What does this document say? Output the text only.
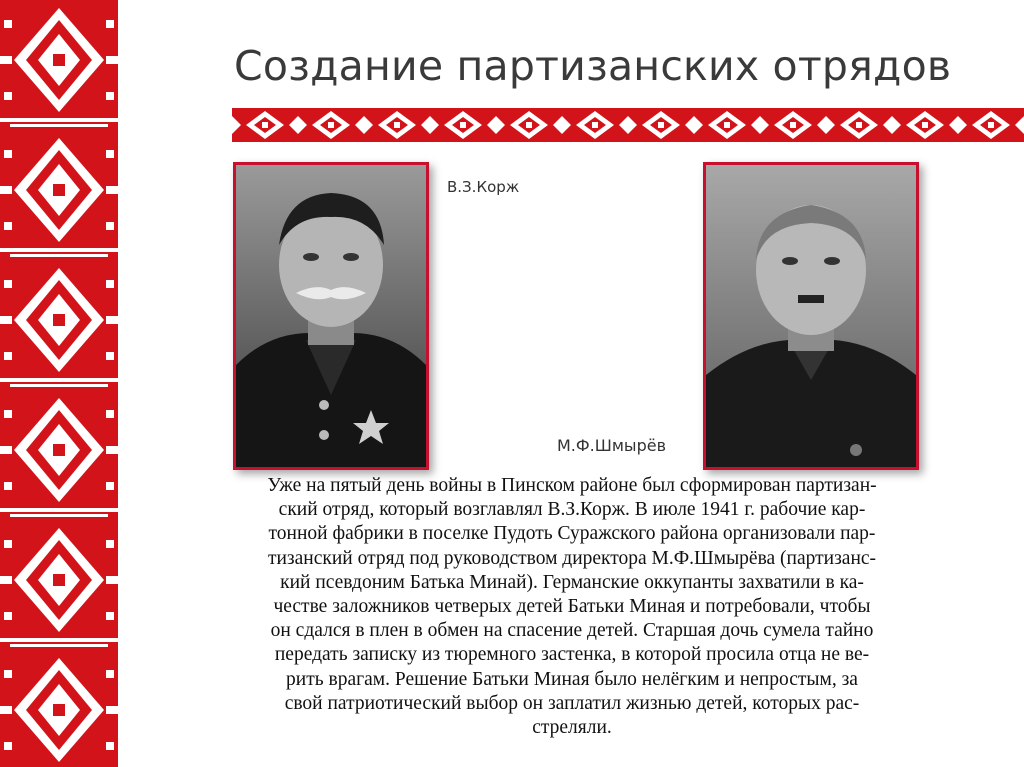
Создание партизанских отрядов
В.З.Корж
М.Ф.Шмырёв
Уже на пятый день войны в Пинском районе был сформирован партизан-
ский отряд, который возглавлял В.З.Корж. В июле 1941 г. рабочие кар-
тонной фабрики в поселке Пудоть Суражского района организовали пар-
тизанский отряд под руководством директора М.Ф.Шмырёва (партизанс-
кий псевдоним Батька Минай). Германские оккупанты захватили в ка-
честве заложников четверых детей Батьки Миная и потребовали, чтобы
он сдался в плен в обмен на спасение детей. Старшая дочь сумела тайно
передать записку из тюремного застенка, в которой просила отца не ве-
рить врагам. Решение Батьки Миная было нелёгким и непростым, за
свой патриотический выбор он заплатил жизнью детей, которых рас-
стреляли.
